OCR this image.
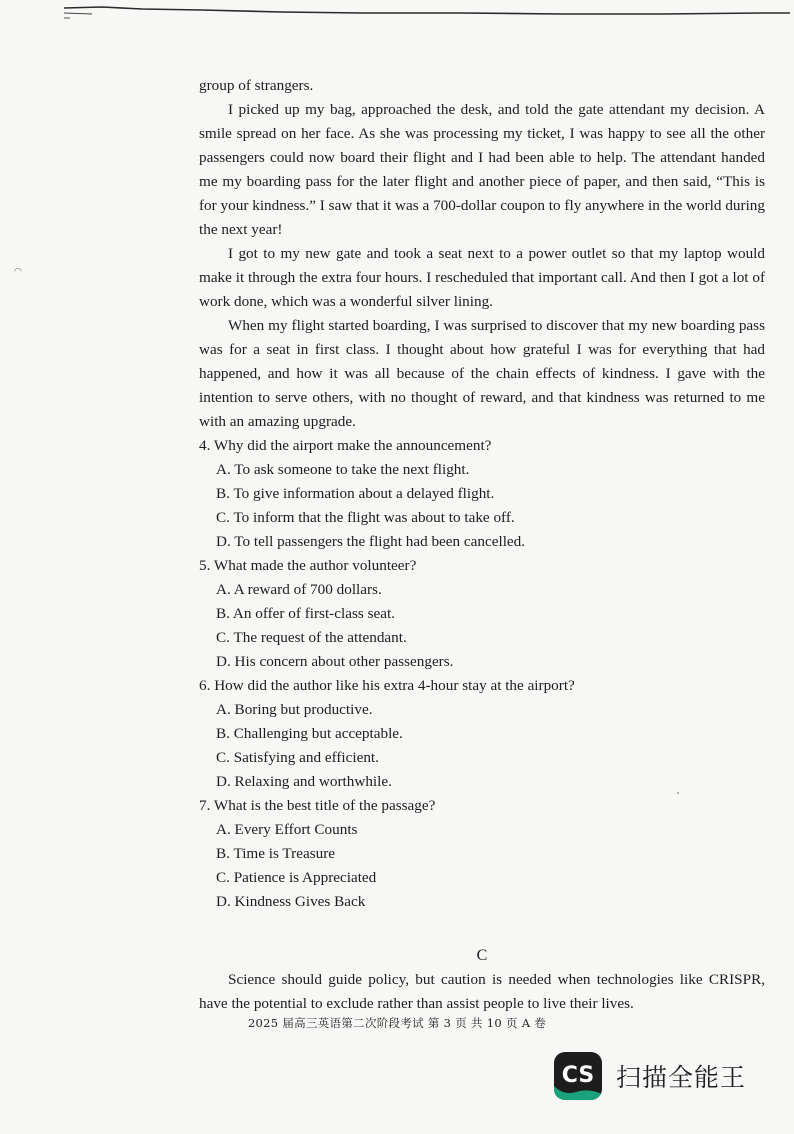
◠

group of strangers.

I picked up my bag, approached the desk, and told the gate attendant my decision. A smile spread on her face. As she was processing my ticket, I was happy to see all the other passengers could now board their flight and I had been able to help. The attendant handed me my boarding pass for the later flight and another piece of paper, and then said, “This is for your kindness.” I saw that it was a 700-dollar coupon to fly anywhere in the world during the next year!

I got to my new gate and took a seat next to a power outlet so that my laptop would make it through the extra four hours. I rescheduled that important call. And then I got a lot of work done, which was a wonderful silver lining.

When my flight started boarding, I was surprised to discover that my new boarding pass was for a seat in first class. I thought about how grateful I was for everything that had happened, and how it was all because of the chain effects of kindness. I gave with the intention to serve others, with no thought of reward, and that kindness was returned to me with an amazing upgrade.

4. Why did the airport make the announcement?

A. To ask someone to take the next flight.
B. To give information about a delayed flight.
C. To inform that the flight was about to take off.
D. To tell passengers the flight had been cancelled.

5. What made the author volunteer?

A. A reward of 700 dollars.
B. An offer of first-class seat.
C. The request of the attendant.
D. His concern about other passengers.

6. How did the author like his extra 4-hour stay at the airport?

A. Boring but productive.
B. Challenging but acceptable.
C. Satisfying and efficient.
D. Relaxing and worthwhile.

7. What is the best title of the passage?

A. Every Effort Counts
B. Time is Treasure
C. Patience is Appreciated
D. Kindness Gives Back
C

Science should guide policy, but caution is needed when technologies like CRISPR, have the potential to exclude rather than assist people to live their lives.

2025 届高三英语第二次阶段考试 第 3 页 共 10 页 A 卷
CS 扫描全能王
